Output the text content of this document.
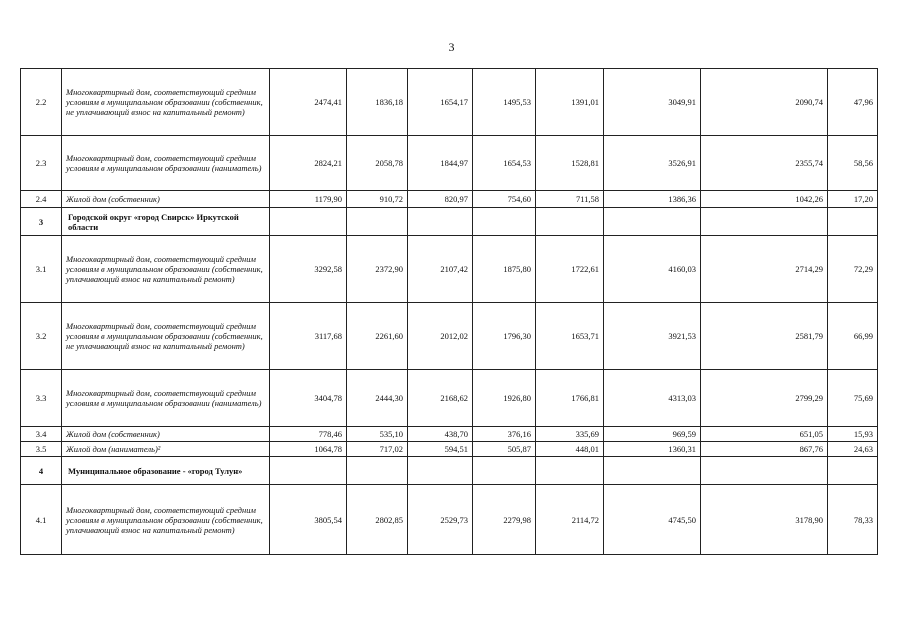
3
2.2	Многоквартирный дом, соответствующий средним условиям в муниципальном образовании (собственник, не уплачивающий взнос на капитальный ремонт)	2474,41	1836,18	1654,17	1495,53	1391,01	3049,91	2090,74	47,96
2.3	Многоквартирный дом, соответствующий средним условиям в муниципальном образовании (наниматель)	2824,21	2058,78	1844,97	1654,53	1528,81	3526,91	2355,74	58,56
2.4	Жилой дом (собственник)	1179,90	910,72	820,97	754,60	711,58	1386,36	1042,26	17,20
3	Городской округ «город Свирск» Иркутской области								
3.1	Многоквартирный дом, соответствующий средним условиям в муниципальном образовании (собственник, уплачивающий взнос на капитальный ремонт)	3292,58	2372,90	2107,42	1875,80	1722,61	4160,03	2714,29	72,29
3.2	Многоквартирный дом, соответствующий средним условиям в муниципальном образовании (собственник, не уплачивающий взнос на капитальный ремонт)	3117,68	2261,60	2012,02	1796,30	1653,71	3921,53	2581,79	66,99
3.3	Многоквартирный дом, соответствующий средним условиям в муниципальном образовании (наниматель)	3404,78	2444,30	2168,62	1926,80	1766,81	4313,03	2799,29	75,69
3.4	Жилой дом (собственник)	778,46	535,10	438,70	376,16	335,69	969,59	651,05	15,93
3.5	Жилой дом (наниматель)²	1064,78	717,02	594,51	505,87	448,01	1360,31	867,76	24,63
4	Муниципальное образование - «город Тулун»								
4.1	Многоквартирный дом, соответствующий средним условиям в муниципальном образовании (собственник, уплачивающий взнос на капитальный ремонт)	3805,54	2802,85	2529,73	2279,98	2114,72	4745,50	3178,90	78,33
